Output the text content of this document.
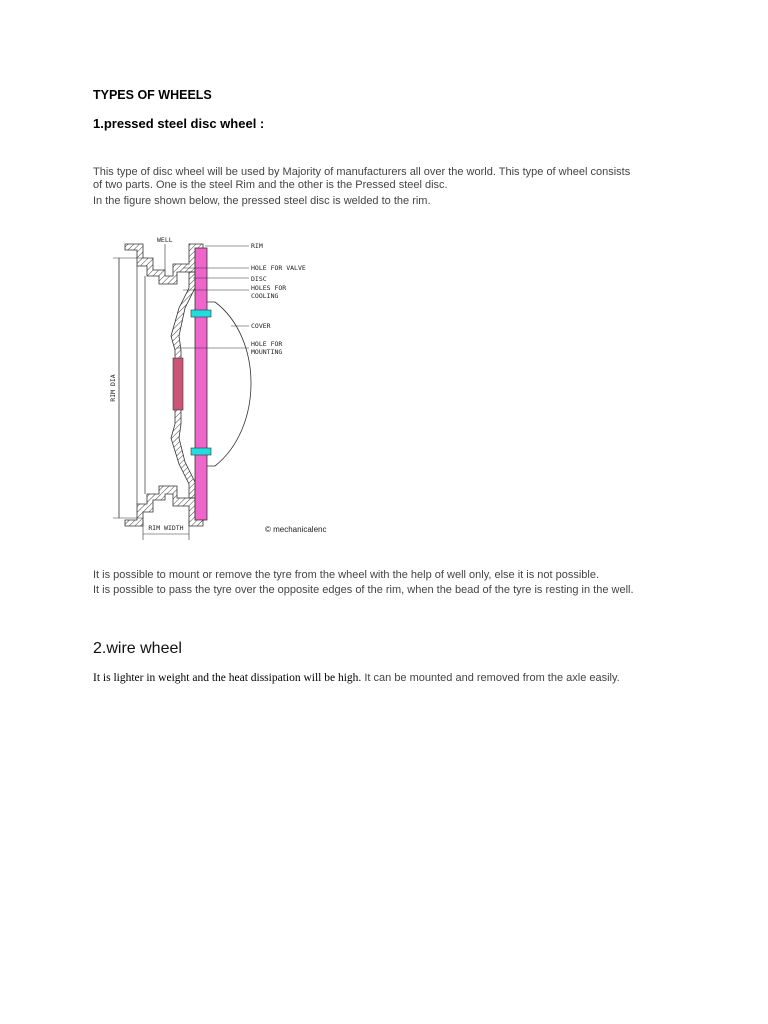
TYPES OF WHEELS
1.pressed steel disc wheel :
This type of disc wheel will be used by Majority of manufacturers all over the world. This type of wheel consists
of two parts. One is the steel Rim and the other is the Pressed steel disc.
In the figure shown below, the pressed steel disc is welded to the rim.
RIM DIA
RIM WIDTH
WELL
RIM
HOLE FOR VALVE
DISC
HOLES FOR
COOLING
COVER
HOLE FOR
MOUNTING
© mechanicalenc
It is possible to mount or remove the tyre from the wheel with the help of well only, else it is not possible.
It is possible to pass the tyre over the opposite edges of the rim, when the bead of the tyre is resting in the well.
2.wire wheel
It is lighter in weight and the heat dissipation will be high. It can be mounted and removed from the axle easily.
